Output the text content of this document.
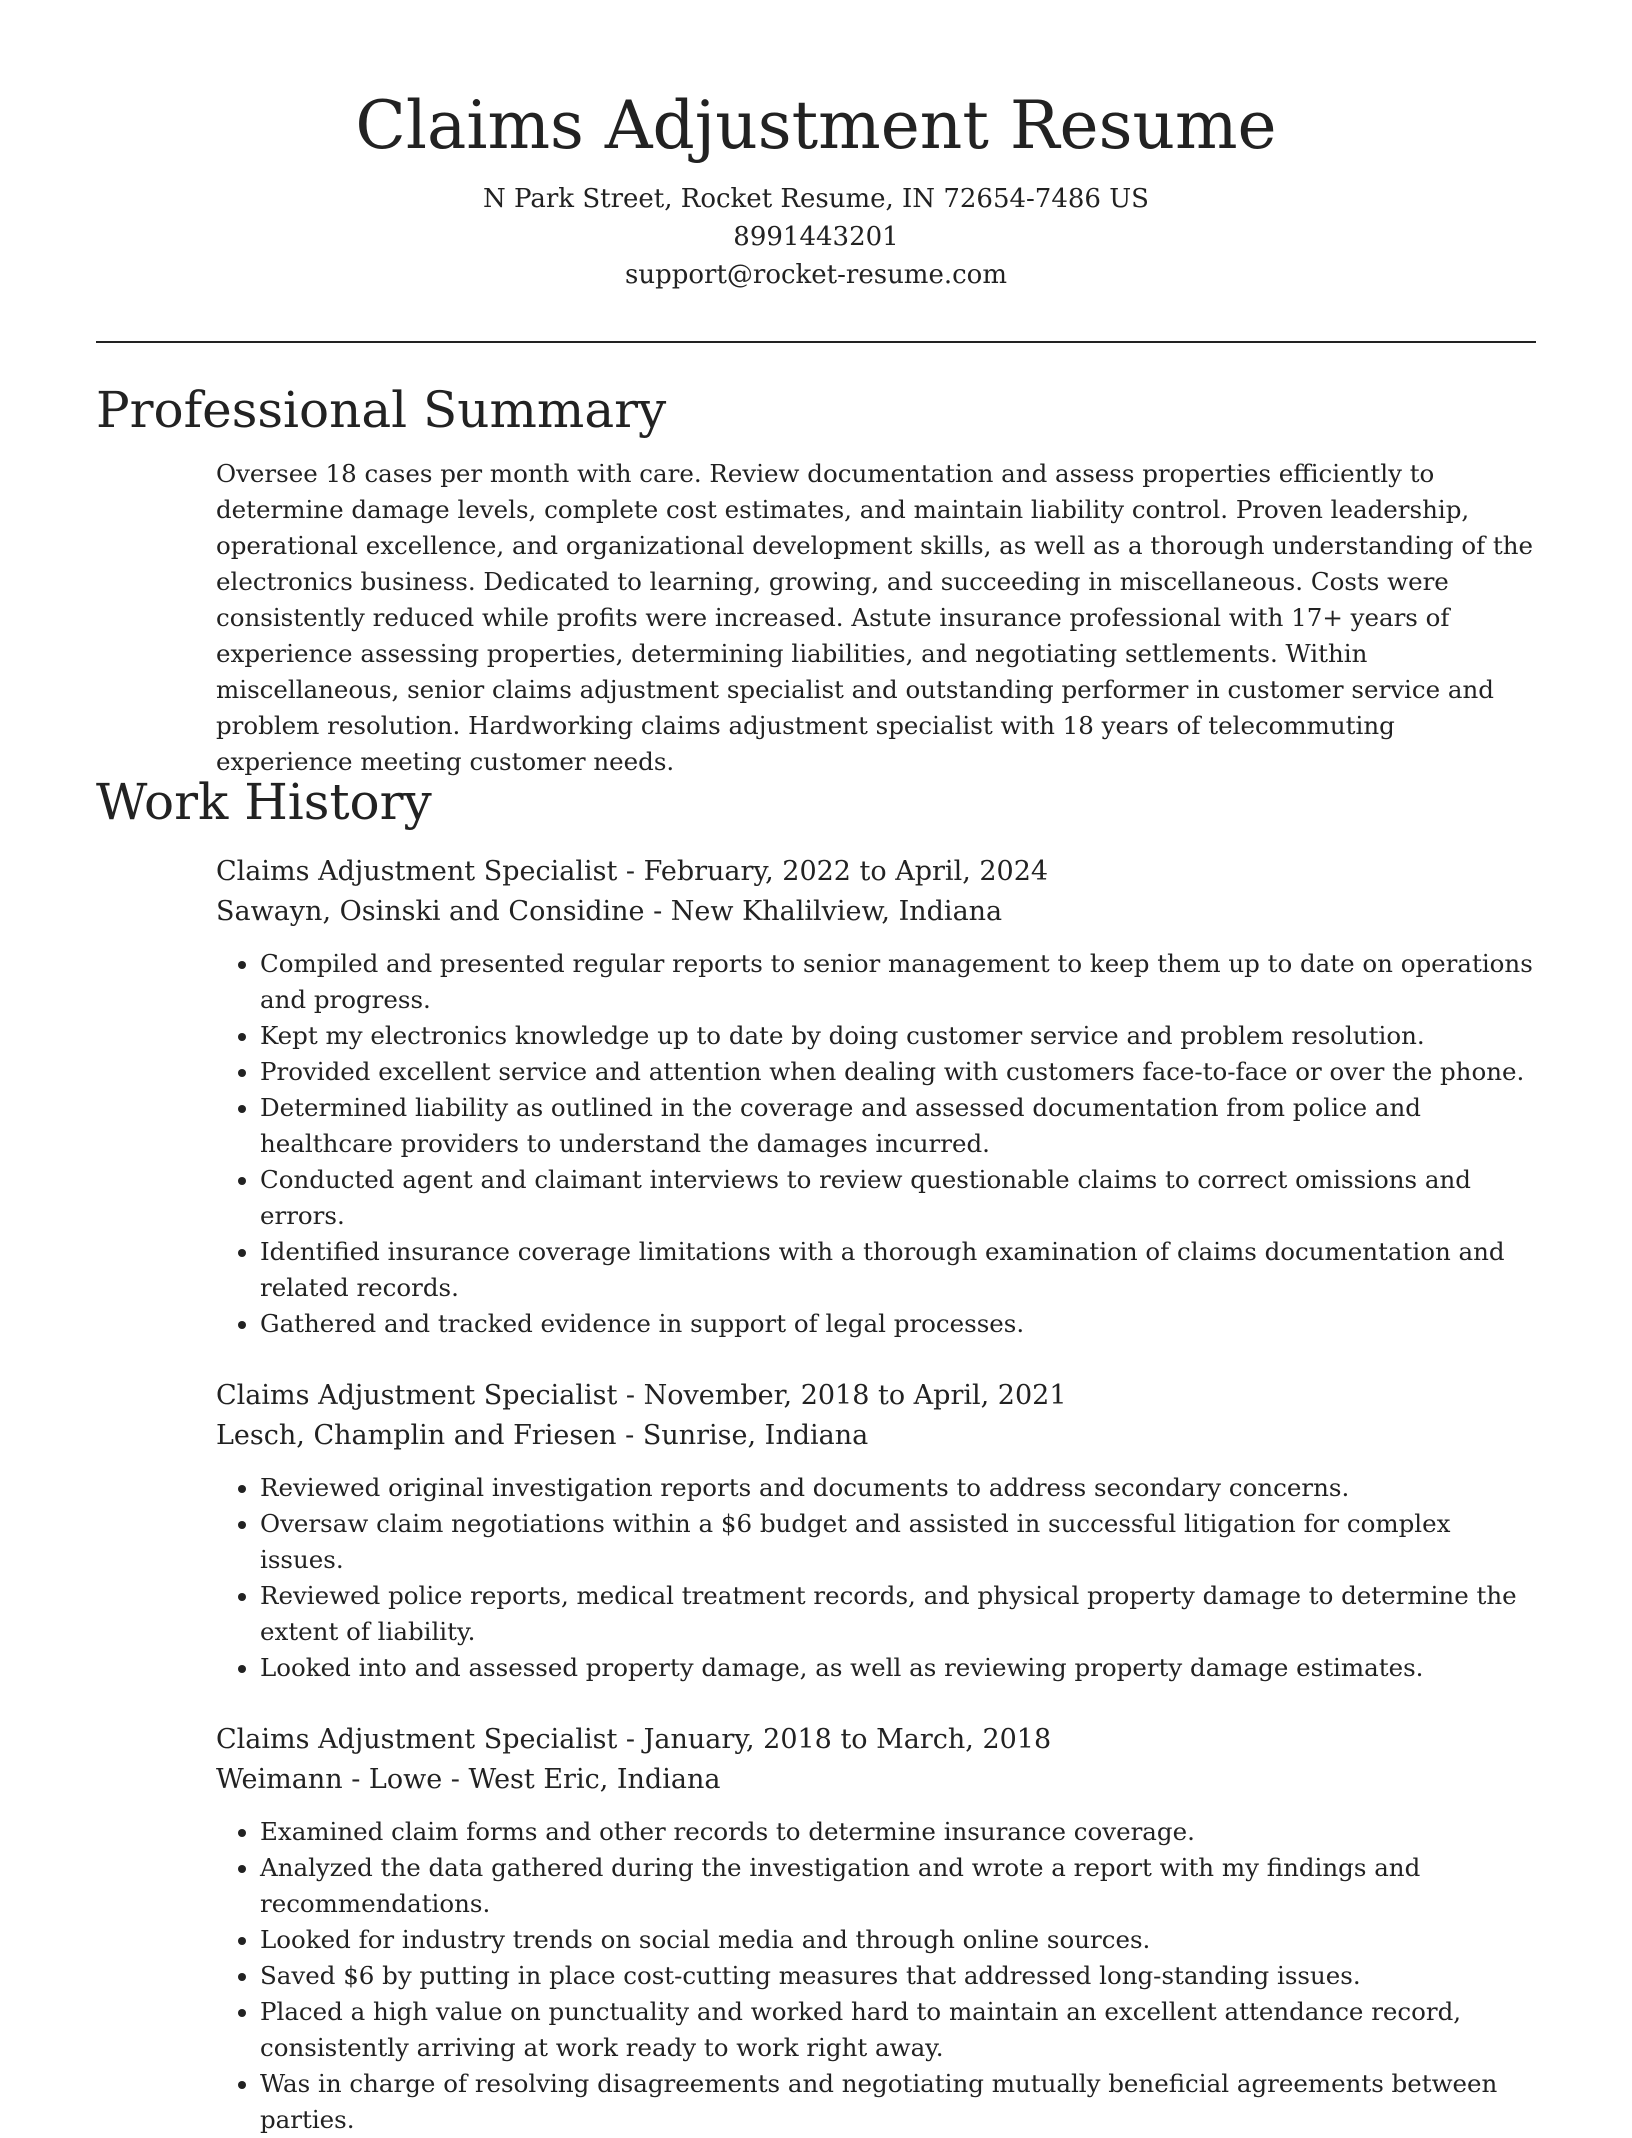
Claims Adjustment Resume
N Park Street, Rocket Resume, IN 72654-7486 US
8991443201
support@rocket-resume.com
Professional Summary

Oversee 18 cases per month with care. Review documentation and assess properties efficiently to determine damage levels, complete cost estimates, and maintain liability control. Proven leadership, operational excellence, and organizational development skills, as well as a thorough understanding of the electronics business. Dedicated to learning, growing, and succeeding in miscellaneous. Costs were consistently reduced while profits were increased. Astute insurance professional with 17+ years of experience assessing properties, determining liabilities, and negotiating settlements. Within miscellaneous, senior claims adjustment specialist and outstanding performer in customer service and problem resolution. Hardworking claims adjustment specialist with 18 years of telecommuting experience meeting customer needs.

Work History
Claims Adjustment Specialist - February, 2022 to April, 2024
Sawayn, Osinski and Considine - New Khalilview, Indiana
• Compiled and presented regular reports to senior management to keep them up to date on operations and progress.
• Kept my electronics knowledge up to date by doing customer service and problem resolution.
• Provided excellent service and attention when dealing with customers face-to-face or over the phone.
• Determined liability as outlined in the coverage and assessed documentation from police and healthcare providers to understand the damages incurred.
• Conducted agent and claimant interviews to review questionable claims to correct omissions and errors.
• Identified insurance coverage limitations with a thorough examination of claims documentation and related records.
• Gathered and tracked evidence in support of legal processes.
Claims Adjustment Specialist - November, 2018 to April, 2021
Lesch, Champlin and Friesen - Sunrise, Indiana
• Reviewed original investigation reports and documents to address secondary concerns.
• Oversaw claim negotiations within a $6 budget and assisted in successful litigation for complex issues.
• Reviewed police reports, medical treatment records, and physical property damage to determine the extent of liability.
• Looked into and assessed property damage, as well as reviewing property damage estimates.
Claims Adjustment Specialist - January, 2018 to March, 2018
Weimann - Lowe - West Eric, Indiana
• Examined claim forms and other records to determine insurance coverage.
• Analyzed the data gathered during the investigation and wrote a report with my findings and recommendations.
• Looked for industry trends on social media and through online sources.
• Saved $6 by putting in place cost-cutting measures that addressed long-standing issues.
• Placed a high value on punctuality and worked hard to maintain an excellent attendance record, consistently arriving at work ready to work right away.
• Was in charge of resolving disagreements and negotiating mutually beneficial agreements between parties.
